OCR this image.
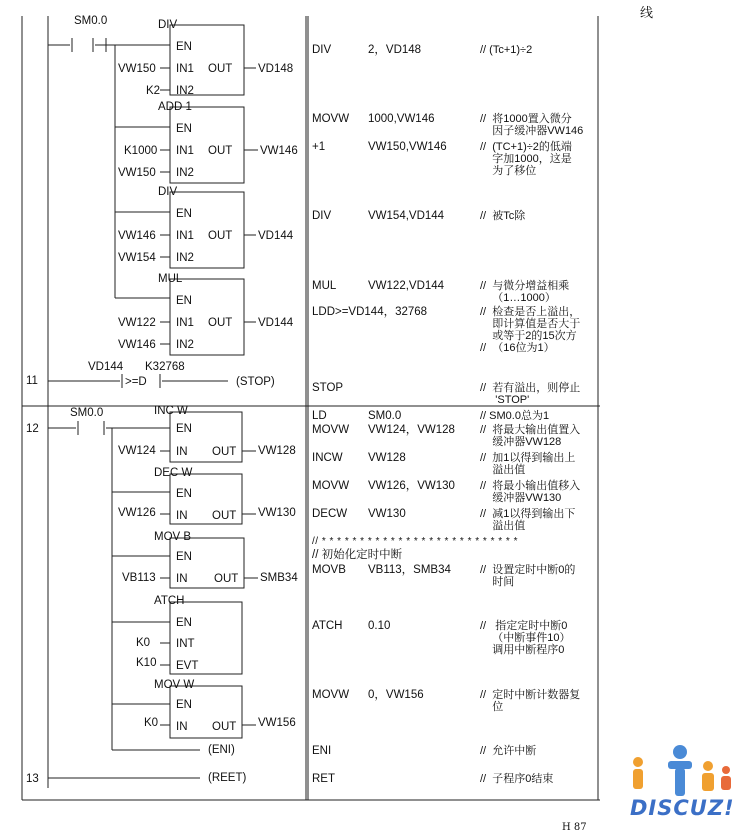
SM0.0	DIV
EN
VW150 IN1 OUT
K2 IN2
VD148
ADD 1
EN
K1000 IN1 OUT
VW150 IN2
VW146
DIV
EN
VW146 IN1 OUT
VW154 IN2
VD144
MUL
EN
VW122 IN1 OUT
VW146 IN2
VD144
11
VD144 K32768
>=D	(STOP)
12
SM0.0	INC W
EN
VW124 IN OUT VW128
DEC W
EN
VW126 IN OUT VW130
MOV B
EN
VB113 IN OUT SMB34
ATCH
EN
K0 INT
K10 EVT
MOV W
EN
K0 IN OUT VW156
(ENI)
13	(REET)
DIV	2，VD148	// (Tc+1)÷2
MOVW 1000,VW146	//  将1000置入微分
因子缓冲器VW146
+1	VW150,VW146	//  (TC+1)÷2的低端
字加1000，这是
为了移位
DIV	VW154,VD144	//  被Tc除
MUL	VW122,VD144	//  与微分增益相乘
（1…1000）
LDD>=VD144，32768	//  检查是否上溢出，
即计算值是否大于
或等于2的15次方
//  （16位为1）
STOP	//  若有溢出，则停止
'STOP'
LD	SM0.0	// SM0.0总为1
MOVW VW124，VW128 //  将最大输出值置入
缓冲器VW128
INCW VW128	//  加1以得到输出上
溢出值
MOVW VW126，VW130 //  将最小输出值移入
缓冲器VW130
DECW VW130	//  减1以得到输出下
溢出值
// * * * * * * * * * * * * * * * * * * * * * * * * * *
// 初始化定时中断
MOVB VB113，SMB34	//  设置定时中断0的
时间
ATCH 0.10	//   指定定时中断0
（中断事件10）
调用中断程序0
MOVW 0，VW156	//  定时中断计数器复
位
ENI	//  允许中断
RET	//  子程序0结束
线
DISCUZ!
H 87
